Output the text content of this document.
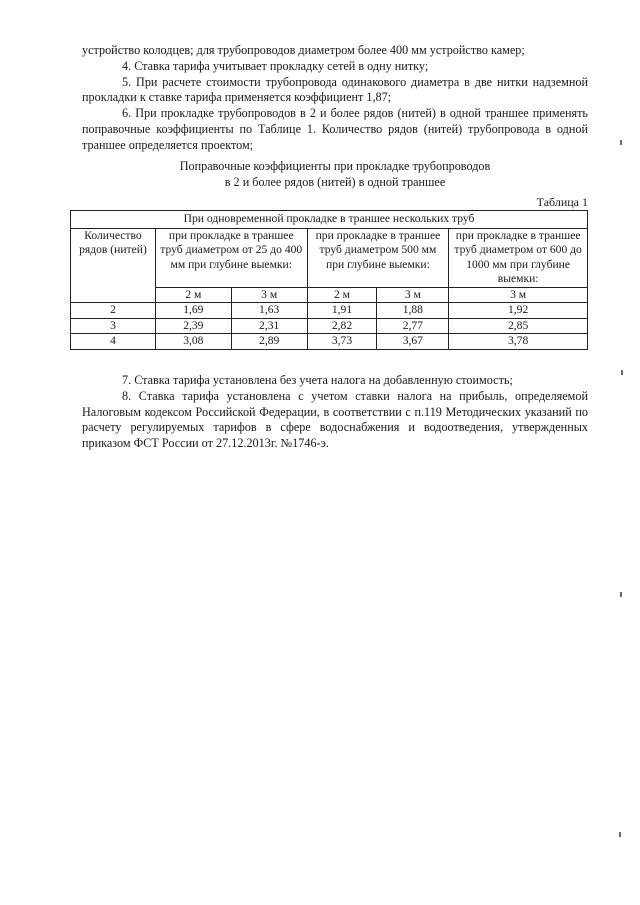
устройство колодцев; для трубопроводов диаметром более 400 мм устройство камер;
4. Ставка тарифа учитывает прокладку сетей в одну нитку;
5. При расчете стоимости трубопровода одинакового диаметра в две нитки надземной прокладки к ставке тарифа применяется коэффициент 1,87;
6. При прокладке трубопроводов в 2 и более рядов (нитей) в одной траншее применять поправочные коэффициенты по Таблице 1. Количество рядов (нитей) трубопровода в одной траншее определяется проектом;
Поправочные коэффициенты при прокладке трубопроводов
в 2 и более рядов (нитей) в одной траншее
Таблица 1
При одновременной прокладке в траншее нескольких труб					
Количество рядов (нитей)	при прокладке в траншее труб диаметром от 25 до 400 мм при глубине выемки:		при прокладке в траншее труб диаметром 500 мм при глубине выемки:		при прокладке в траншее труб диаметром от 600 до 1000 мм при глубине выемки:
	2 м	3 м	2 м	3 м	3 м
2	1,69	1,63	1,91	1,88	1,92
3	2,39	2,31	2,82	2,77	2,85
4	3,08	2,89	3,73	3,67	3,78
7. Ставка тарифа установлена без учета налога на добавленную стоимость;
8. Ставка тарифа установлена с учетом ставки налога на прибыль, определяемой Налоговым кодексом Российской Федерации, в соответствии с п.119 Методических указаний по расчету регулируемых тарифов в сфере водоснабжения и водоотведения, утвержденных приказом ФСТ России от 27.12.2013г. №1746-э.
